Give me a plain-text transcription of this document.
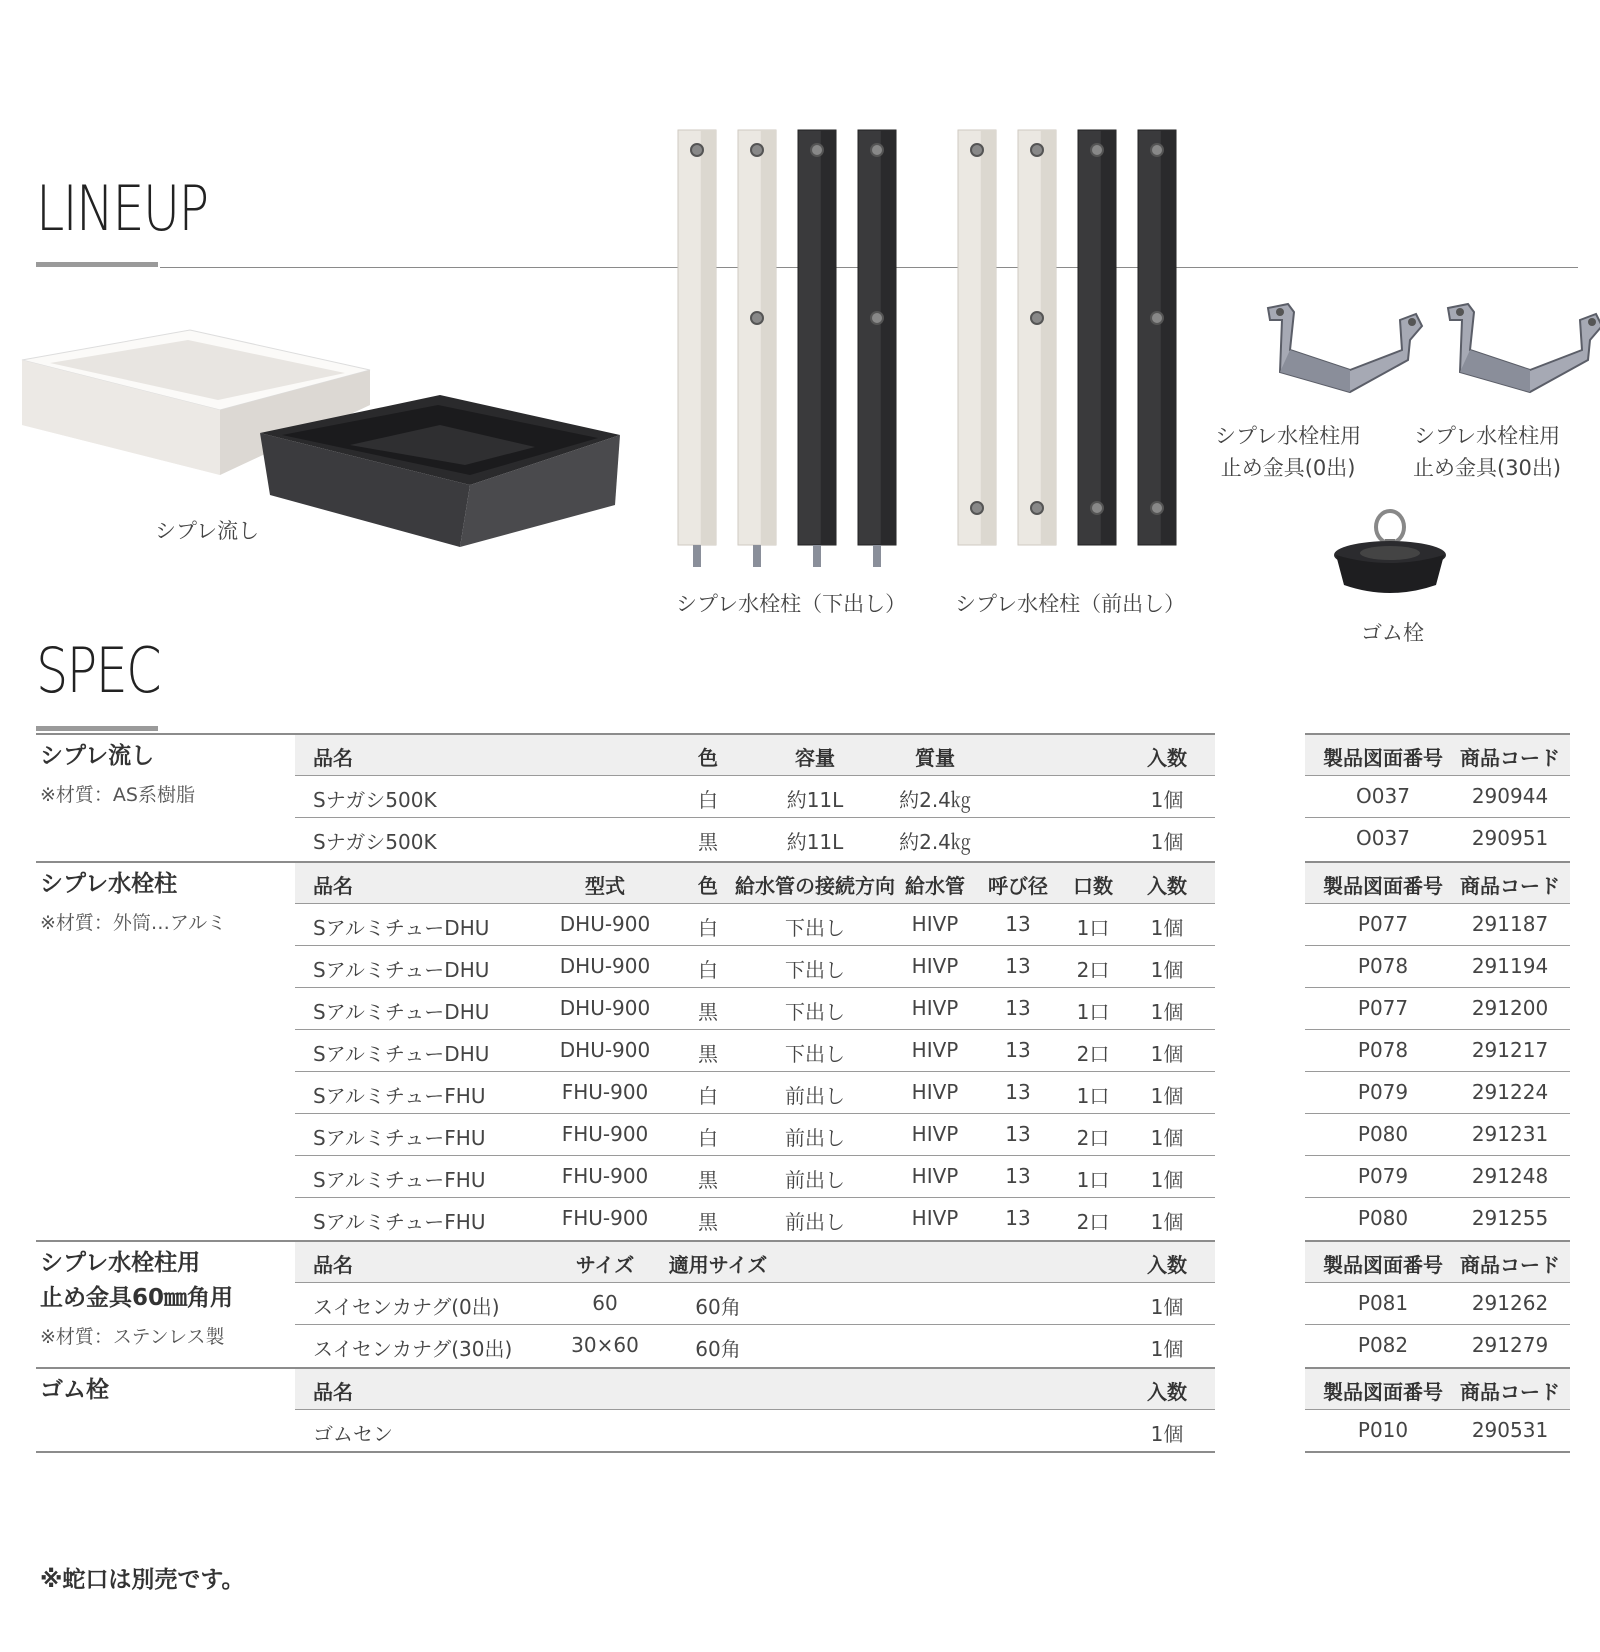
LINEUP
シプレ流し
シプレ水栓柱（下出し） シプレ水栓柱（前出し）
シプレ水栓柱用
止め金具(0出)
シプレ水栓柱用
止め金具(30出)
ゴム栓
SPEC
シプレ流し
※材質：AS系樹脂
品名	色	容量	質量	入数	製品図面番号 商品コード
Sナガシ500K	白	約11L	約2.4㎏	1個	O037	290944
Sナガシ500K	黒	約11L	約2.4㎏	1個	O037	290951
シプレ水栓柱
※材質：外筒…アルミ
品名	型式	色 給水管の接続方向 給水管 呼び径 口数 入数	製品図面番号 商品コード
SアルミチューDHU	DHU-900 白	下出し	HIVP 13 1口 1個	P077	291187
SアルミチューDHU	DHU-900 白	下出し	HIVP 13 2口 1個	P078	291194
SアルミチューDHU	DHU-900 黒	下出し	HIVP 13 1口 1個	P077	291200
SアルミチューDHU	DHU-900 黒	下出し	HIVP 13 2口 1個	P078	291217
SアルミチューFHU	FHU-900 白	前出し	HIVP 13 1口 1個	P079	291224
SアルミチューFHU	FHU-900 白	前出し	HIVP 13 2口 1個	P080	291231
SアルミチューFHU	FHU-900 黒	前出し	HIVP 13 1口 1個	P079	291248
SアルミチューFHU	FHU-900 黒	前出し	HIVP 13 2口 1個	P080	291255
シプレ水栓柱用
止め金具60㎜角用
※材質：ステンレス製
品名	サイズ 適用サイズ	入数	製品図面番号 商品コード
スイセンカナグ(0出)	60	60角	1個	P081	291262
スイセンカナグ(30出)	30×60	60角	1個	P082	291279
ゴム栓	品名	入数	製品図面番号 商品コード
ゴムセン	1個	P010	290531
※蛇口は別売です。
